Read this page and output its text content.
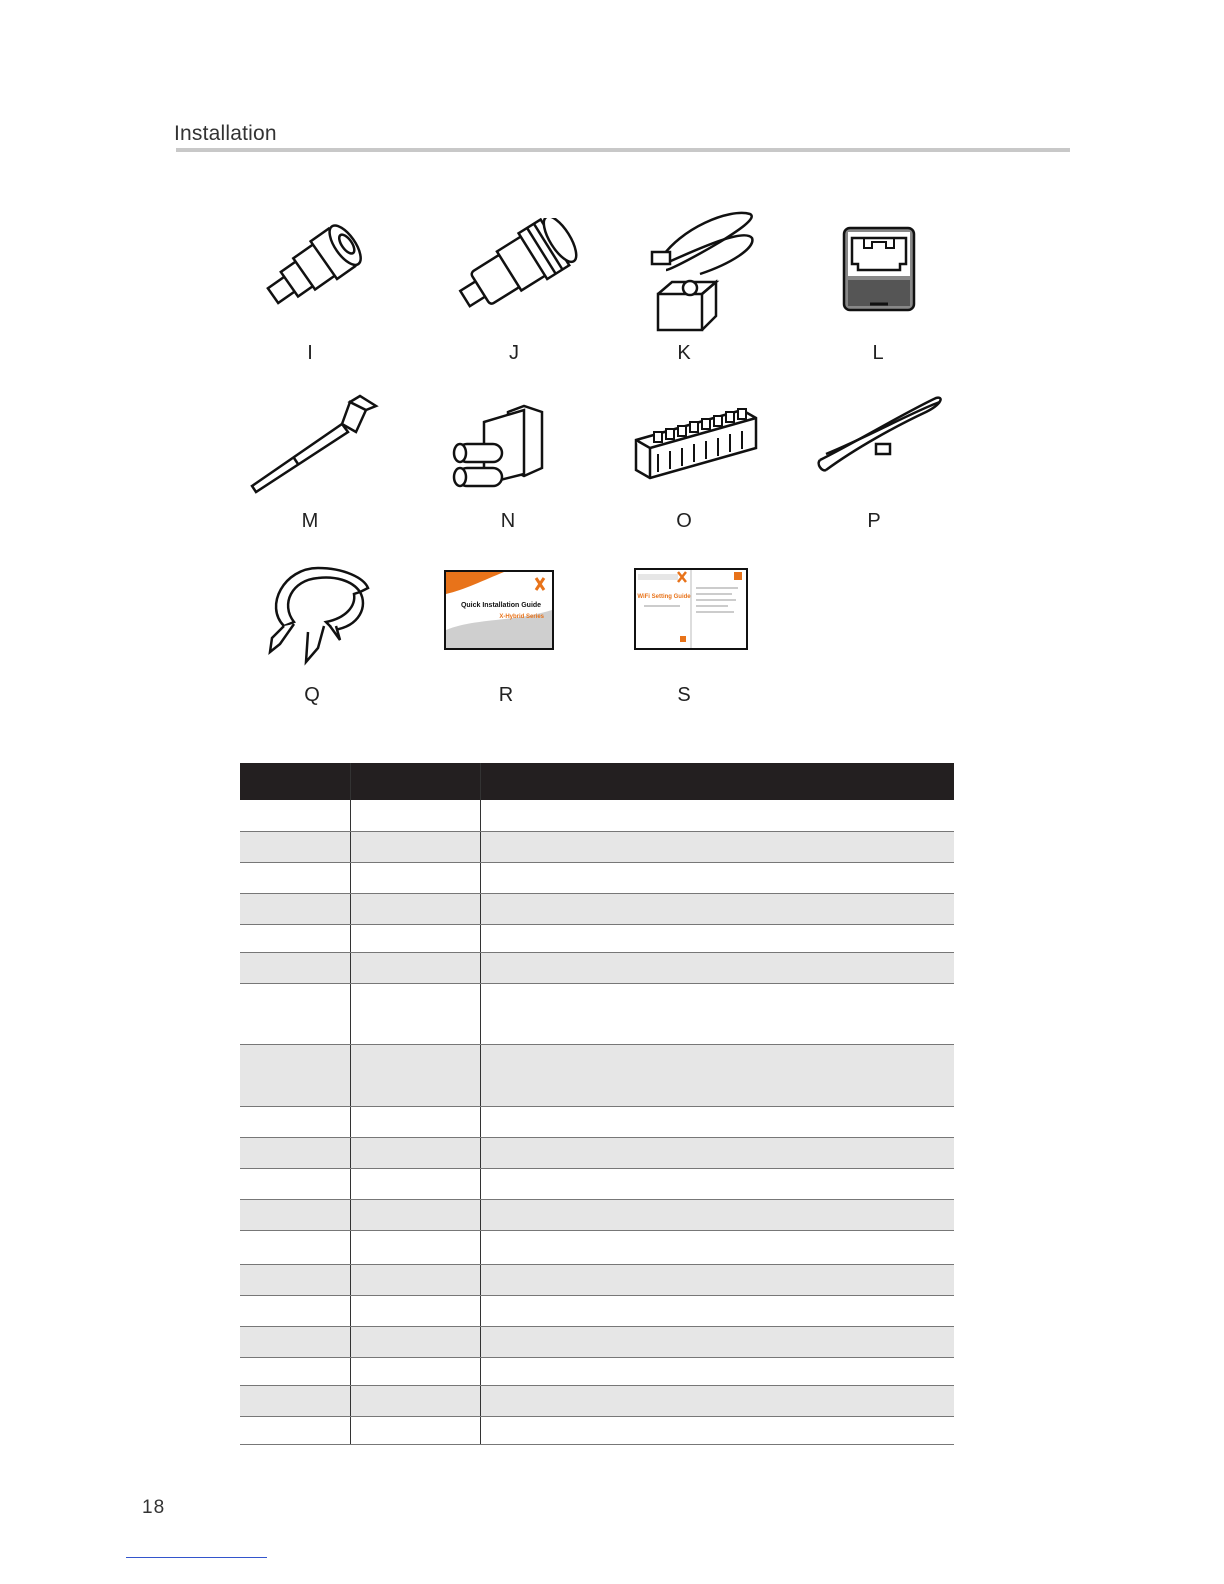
Installation
I	J	K	L
M	N	O	P
Q
Quick Installation Guide
X-Hybrid Series
R
WiFi Setting Guide
S

18
